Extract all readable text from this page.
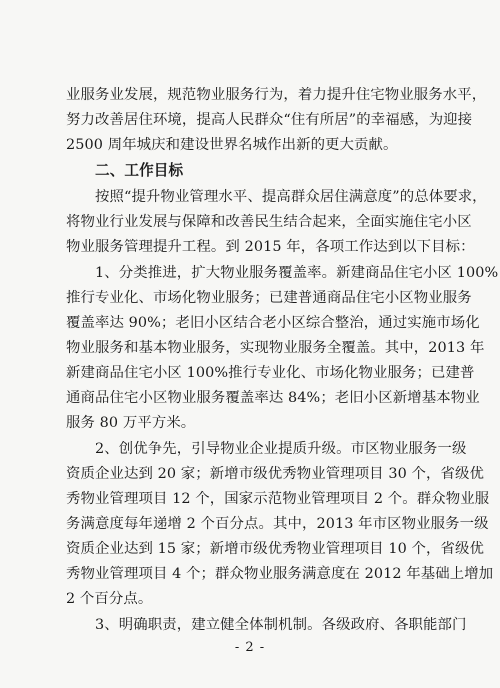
业服务业发展，规范物业服务行为，着力提升住宅物业服务水平，
努力改善居住环境，提高人民群众“住有所居”的幸福感，为迎接
2500 周年城庆和建设世界名城作出新的更大贡献。
二、工作目标
按照“提升物业管理水平、提高群众居住满意度”的总体要求，
将物业行业发展与保障和改善民生结合起来，全面实施住宅小区
物业服务管理提升工程。到 2015 年，各项工作达到以下目标：
1、分类推进，扩大物业服务覆盖率。新建商品住宅小区 100%
推行专业化、市场化物业服务；已建普通商品住宅小区物业服务
覆盖率达 90%；老旧小区结合老小区综合整治，通过实施市场化
物业服务和基本物业服务，实现物业服务全覆盖。其中，2013 年
新建商品住宅小区 100%推行专业化、市场化物业服务；已建普
通商品住宅小区物业服务覆盖率达 84%；老旧小区新增基本物业
服务 80 万平方米。
2、创优争先，引导物业企业提质升级。市区物业服务一级
资质企业达到 20 家；新增市级优秀物业管理项目 30 个，省级优
秀物业管理项目 12 个，国家示范物业管理项目 2 个。群众物业服
务满意度每年递增 2 个百分点。其中，2013 年市区物业服务一级
资质企业达到 15 家；新增市级优秀物业管理项目 10 个，省级优
秀物业管理项目 4 个；群众物业服务满意度在 2012 年基础上增加
2 个百分点。
3、明确职责，建立健全体制机制。各级政府、各职能部门
- 2 -
